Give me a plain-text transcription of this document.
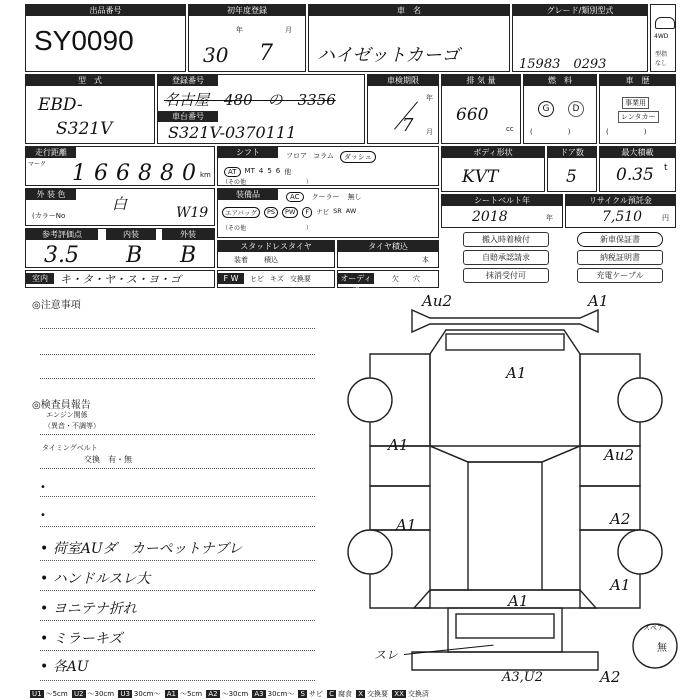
出品番号
SY0090
初年度登録
年	月
30 7
車　名
ハイゼットカーゴ
グレード/類別型式
15983　0293
4WD
型指
なし
型　式
EBD-
S321V
登録番号
名古屋　480　の　3356
車台番号
S321V-0370111
車検期限
年
月
7
排 気 量
660
cc
燃　料
G	D
(　　　　　)
車　歴
事業用
レンタカー
(　　　　　)
走行距離
マーク 1 6 6 8 8 0 km
シフト	フロア コラム	ダッシュ
AT	MT 4 5 6 他
（その他　　　　　　　　　　）
ボディ形状
KVT
ドア数
5
最大積載
0.35 t
外 装 色
白
(カラーNo	W19
装備品	AC	クーラー 無し
エアバッグ	PS	PW	F	ナビ SR AW
（その他　　　　　　　　　　）
シートベルト年
2018	年
リサイクル預託金
7,510	円
参考評価点	内装	外装
3.5 B B	スタッドレスタイヤ
装着 積込
タイヤ積込
本
搬入時着検付	新車保証書
自賠承認請求	納税証明書
抹消受付可	充電ケーブル
室内	キ・タ・ヤ・ス・ヨ・ゴ	F W	ヒビ キズ 交換要	オーディオ
欠 穴
◎注意事項
◎検査員報告
エンジン関係
（異音・不調等）
タイミングベルト
交換　有・無
•
•
• 荷室AUダ　カーペットナブレ
• ハンドルスレ大
• ヨニテナ折れ
• ミラーキズ
• 各AU
Au2	A1
A1
A1
Au2
A1	A2
A1
A1
A2
A3,U2
スレ
スペア
無
U1 ～5cm U2 ～30cm U3 30cm～ A1 ～5cm A2 ～30cm A3 30cm～ S サビ C 腐食 X 交換要 XX 交換済
